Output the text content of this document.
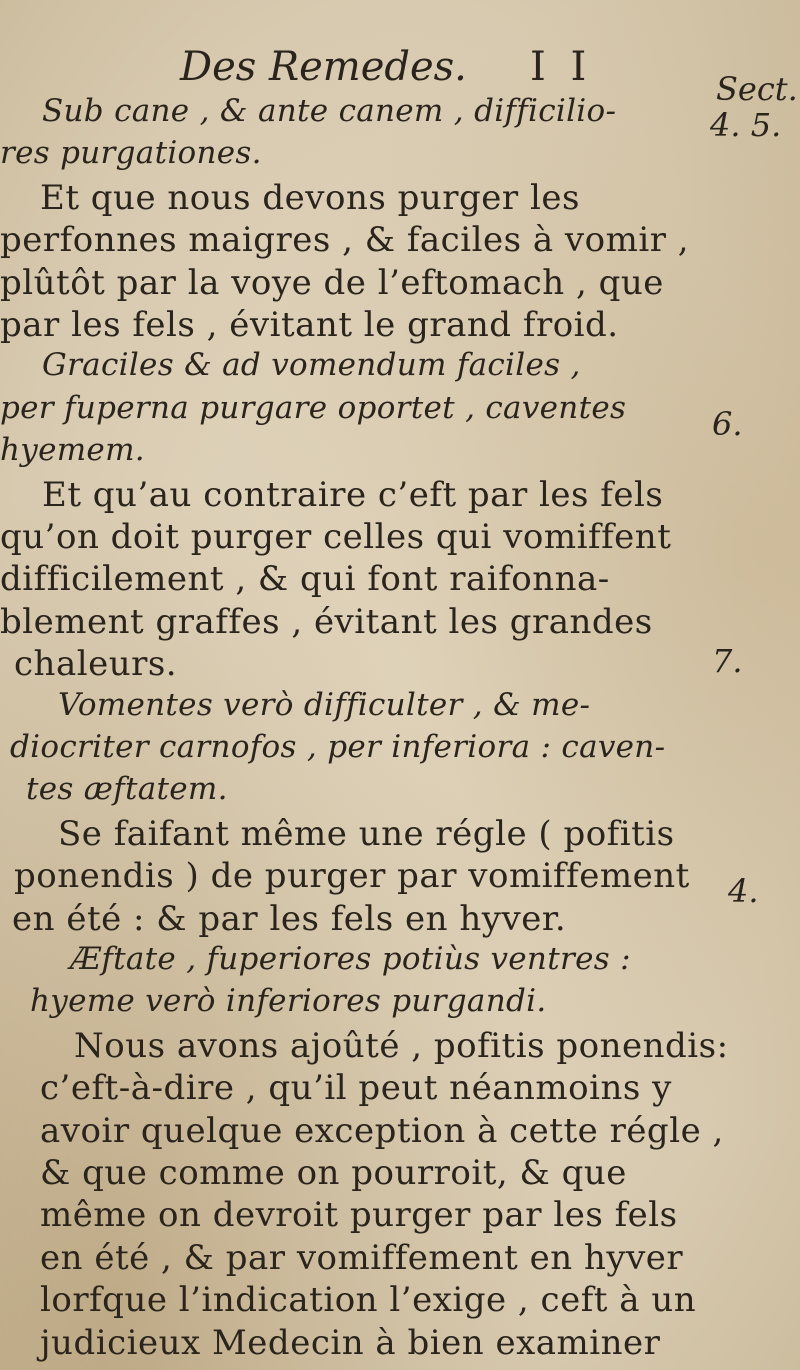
Des Remedes. I I	Sect.
4. 5.
6.
7.
4.
Sub cane , & ante canem , difficilio-
res purgationes.
Et que nous devons purger les
perfonnes maigres , & faciles à vomir ,
plûtôt par la voye de l’eftomach , que
par les fels , évitant le grand froid.
Graciles & ad vomendum faciles ,
per fuperna purgare oportet , caventes
hyemem.
Et qu’au contraire c’eft par les fels
qu’on doit purger celles qui vomiffent
difficilement , & qui font raifonna-
blement graffes , évitant les grandes
chaleurs.
Vomentes verò difficulter , & me-
diocriter carnofos , per inferiora : caven-
tes æftatem.
Se faifant même une régle ( pofitis
ponendis ) de purger par vomiffement
en été : & par les fels en hyver.
Æftate , fuperiores potiùs ventres :
hyeme verò inferiores purgandi.
Nous avons ajoûté , pofitis ponendis:
c’eft-à-dire , qu’il peut néanmoins y
avoir quelque exception à cette régle ,
& que comme on pourroit, & que
même on devroit purger par les fels
en été , & par vomiffement en hyver
lorfque l’indication l’exige , ceft à un
judicieux Medecin à bien examiner
